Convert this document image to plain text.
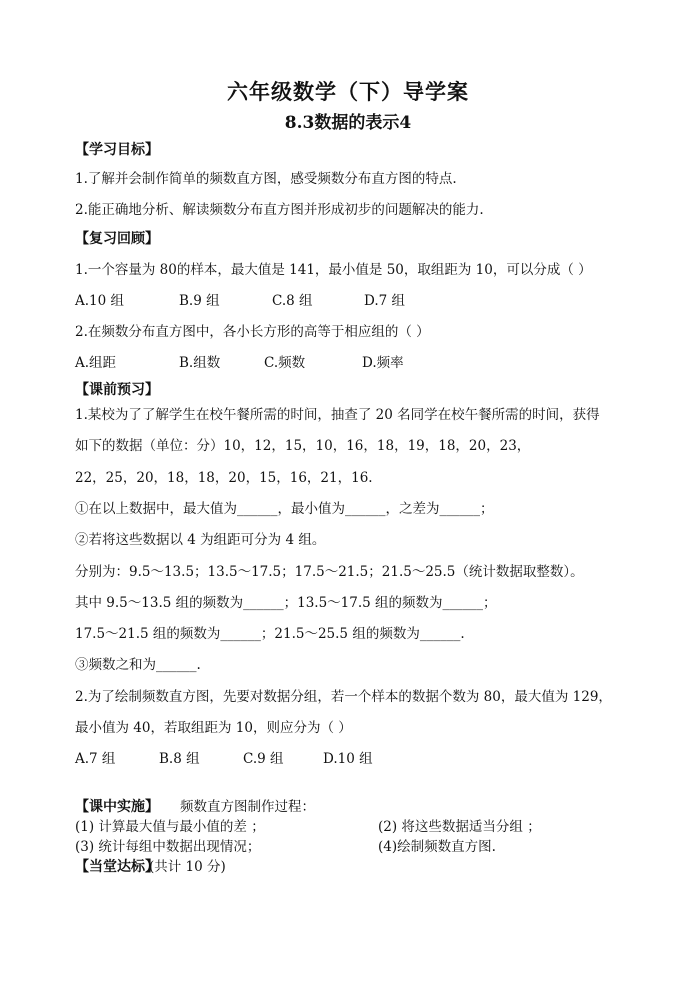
六年级数学（下）导学案
8.3数据的表示4
【学习目标】
1.了解并会制作简单的频数直方图，感受频数分布直方图的特点.
2.能正确地分析、解读频数分布直方图并形成初步的问题解决的能力.
【复习回顾】
1.一个容量为 80的样本，最大值是 141，最小值是 50，取组距为 10，可以分成（ ）
A.10 组	B.9 组	C.8 组	D.7 组
2.在频数分布直方图中，各小长方形的高等于相应组的（ ）
A.组距	B.组数	C.频数	D.频率
【课前预习】
1.某校为了了解学生在校午餐所需的时间，抽查了 20 名同学在校午餐所需的时间，获得
如下的数据（单位：分）10，12，15，10，16，18，19，18，20，23，
22，25，20，18，18，20，15，16，21，16.
①在以上数据中，最大值为______，最小值为______，之差为______；
②若将这些数据以 4 为组距可分为 4 组。
分别为：9.5～13.5；13.5～17.5；17.5～21.5；21.5～25.5（统计数据取整数）。
其中 9.5～13.5 组的频数为______；13.5～17.5 组的频数为______；
17.5～21.5 组的频数为______；21.5～25.5 组的频数为______.
③频数之和为______.
2.为了绘制频数直方图，先要对数据分组，若一个样本的数据个数为 80，最大值为 129，
最小值为 40，若取组距为 10，则应分为（ ）
A.7 组	B.8 组	C.9 组	D.10 组
【课中实施】 频数直方图制作过程：
(1) 计算最大值与最小值的差 ；	(2) 将这些数据适当分组 ；
(3) 统计每组中数据出现情况；	(4)绘制频数直方图.
【当堂达标】
(共计 10 分)
